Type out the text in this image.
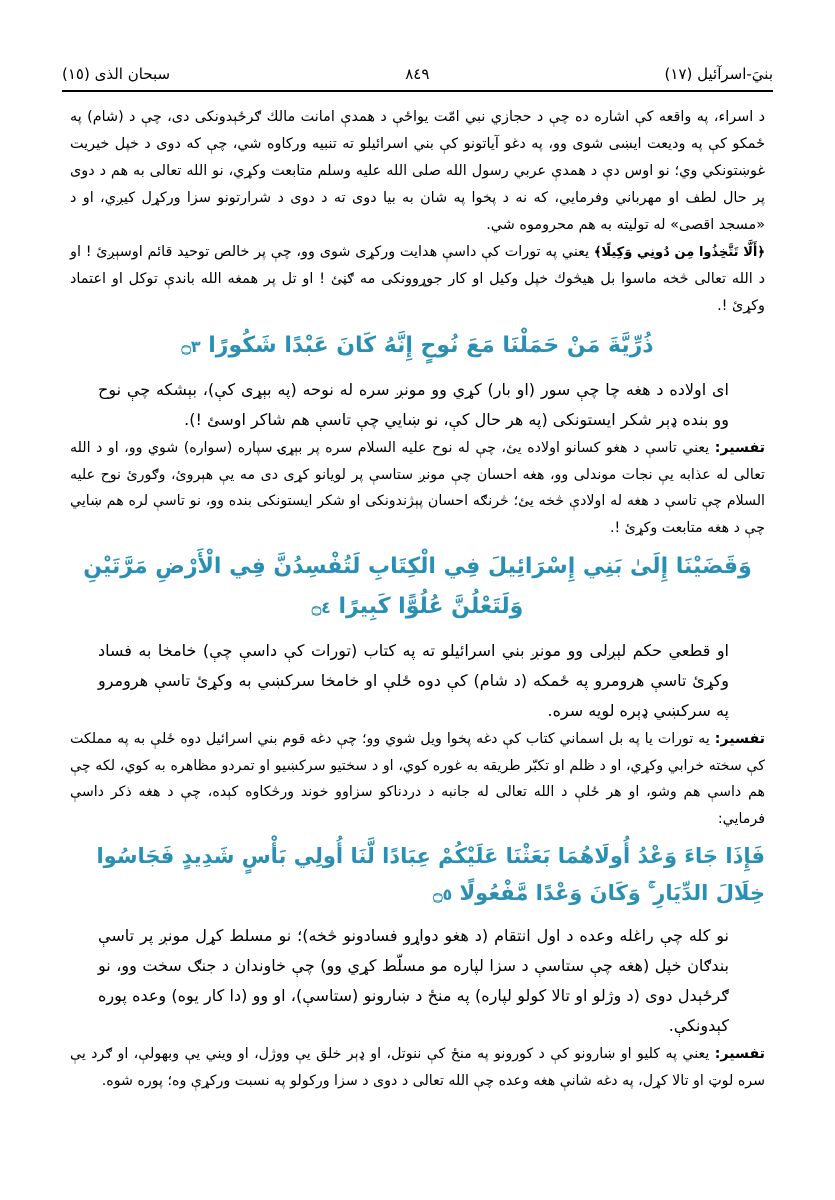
بنيَ-اسرآئيل (١٧)
٨٤٩
سبحان الذى (١٥)

د اسراء، په واقعه كې اشاره ده چې د حجازي نبي امّت يواځې د همدې امانت مالك ګرځېدونكى دى، چې د (شام) په ځمكو كې په وديعت ايښى شوى وو، په دغو آياتونو كې بني اسرائيلو ته تنبيه وركاوه شي، چې كه دوى د خپل خيريت غوښتونكي وي؛ نو اوس دې د همدې عربي رسول الله صلى الله عليه وسلم متابعت وكړي، نو الله تعالى به هم د دوى پر حال لطف او مهرباني وفرمايي، كه نه د پخوا په شان به بيا دوى ته د دوى د شرارتونو سزا وركړل كيږي، او د «مسجد اقصى» له توليته به هم محروموه شي.

﴿أَلَّا تَتَّخِذُوا مِن دُونِي وَكِيلًا﴾ يعني په تورات كې داسې هدايت وركړى شوى وو، چې پر خالص توحيد قائم اوسېږئ ! او د الله تعالى څخه ماسوا بل هيڅوك خپل وكيل او كار جوړوونكى مه ګڼئ ! او تل پر همغه الله باندې توكل او اعتماد وكړئ !.

ذُرِّيَّةَ مَنْ حَمَلْنَا مَعَ نُوحٍ إِنَّهُ كَانَ عَبْدًا شَكُورًا ۝٣

اى اولاده د هغه چا چې سور (او بار) كړي وو مونږ سره له نوحه (په بېړى كې)، بېشكه چې نوح وو بنده ډېر شكر ايستونكى (په هر حال كې، نو ښايي چې تاسې هم شاكر اوسئ !).

تفسير: يعني تاسې د هغو كسانو اولاده يئ، چې له نوح عليه السلام سره پر بېړۍ سپاره (سواره) شوي وو، او د الله تعالى له عذابه يې نجات موندلى وو، هغه احسان چې مونږ ستاسې پر لويانو كړى دى مه يې هېروئ، وګورئ نوح عليه السلام چې تاسې د هغه له اولادې څخه يئ؛ څرنګه احسان پېژندونكى او شكر ايستونكى بنده وو، نو تاسې لره هم ښايي چې د هغه متابعت وكړئ !.

وَقَضَيْنَا إِلَىٰ بَنِي إِسْرَائِيلَ فِي الْكِتَابِ لَتُفْسِدُنَّ فِي الْأَرْضِ مَرَّتَيْنِ وَلَتَعْلُنَّ عُلُوًّا كَبِيرًا ۝٤

او قطعي حكم لېږلى وو مونږ بني اسرائيلو ته په كتاب (تورات كې داسې چې) خامخا به فساد وكړئ تاسې هرومرو په ځمكه (د شام) كې دوه ځلې او خامخا سركښي به وكړئ تاسې هرومرو په سركښي ډېره لويه سره.

تفسير: يه تورات يا په بل اسماني كتاب كې دغه پخوا ويل شوي وو؛ چې دغه قوم بني اسرائيل دوه ځلې به په مملكت كې سخته خرابي وكړي، او د ظلم او تكبّر طريقه به غوره كوي، او د سختيو سركښيو او تمردو مظاهره به كوي، لكه چې هم داسې هم وشو، او هر ځلې د الله تعالى له جانبه د دردناكو سزاوو خوند ورڅكاوه كېده، چې د هغه ذكر داسې فرمايي:

فَإِذَا جَاءَ وَعْدُ أُولَاهُمَا بَعَثْنَا عَلَيْكُمْ عِبَادًا لَّنَا أُولِي بَأْسٍ شَدِيدٍ فَجَاسُوا خِلَالَ الدِّيَارِ ۚ وَكَانَ وَعْدًا مَّفْعُولًا ۝٥

نو كله چې راغله وعده د اول انتقام (د هغو دواړو فسادونو څخه)؛ نو مسلط كړل مونږ پر تاسې بندګان خپل (هغه چې ستاسې د سزا لپاره مو مسلّط كړي وو) چې خاوندان د جنګ سخت وو، نو ګرځېدل دوى (د وژلو او تالا كولو لپاره) په منځ د ښارونو (ستاسې)، او وو (دا كار يوه) وعده پوره كېدونكې.

تفسير: يعني په كليو او ښارونو كې د كورونو په منځ كې ننوتل، او ډېر خلق يې ووژل، او ويني يې وبهولې، او ګرد يې سره لوټ او تالا كړل، په دغه شانې هغه وعده چې الله تعالى د دوى د سزا وركولو په نسبت وركړې وه؛ پوره شوه.
